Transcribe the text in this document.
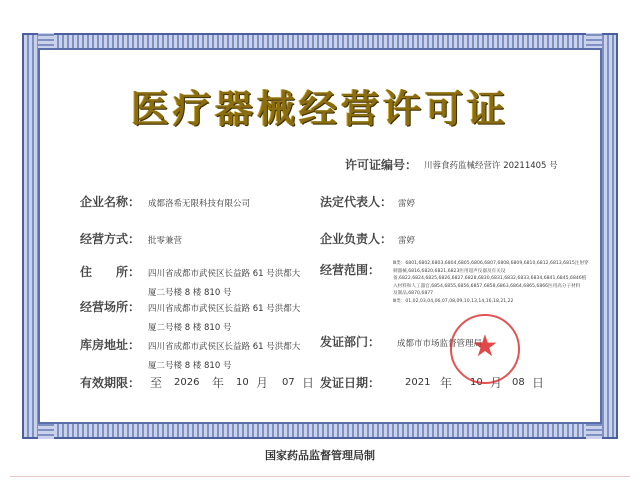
医疗器械经营许可证
许可证编号： 川蓉食药监械经营许 20211405 号
企业名称： 成都洛希无限科技有限公司	法定代表人： 雷婷
经营方式： 批零兼营	企业负责人： 雷婷
住　　所： 四川省成都市武侯区长益路 61 号洪都大
厦二号楼 8 楼 810 号
经营场所： 四川省成都市武侯区长益路 61 号洪都大
厦二号楼 8 楼 810 号
库房地址： 四川省成都市武侯区长益路 61 号洪都大
厦二号楼 8 楼 810 号
有效期限： 至 2026 年 10 月 07 日
经营范围：	Ⅲ类：6801,6802,6803,6804,6805,6806,6807,6808,6809,6810,6812,6813,6815注射穿
刺器械,6816,6820,6821,6823医用超声仪器及有关设
备,6822,6824,6825,6826,6827,6828,6830,6831,6832,6833,6834,6841,6845,6846植
入材料和人工器官,6854,6855,6856,6857,6858,6863,6864,6865,6866医用高分子材料
及制品,6870,6877
Ⅲ类：01,02,03,04,06,07,08,09,10,13,14,16,18,21,22
发证部门： 成都市市场监督管理局
发证日期： 2021 年 10 月 08 日
★
国家药品监督管理局制
